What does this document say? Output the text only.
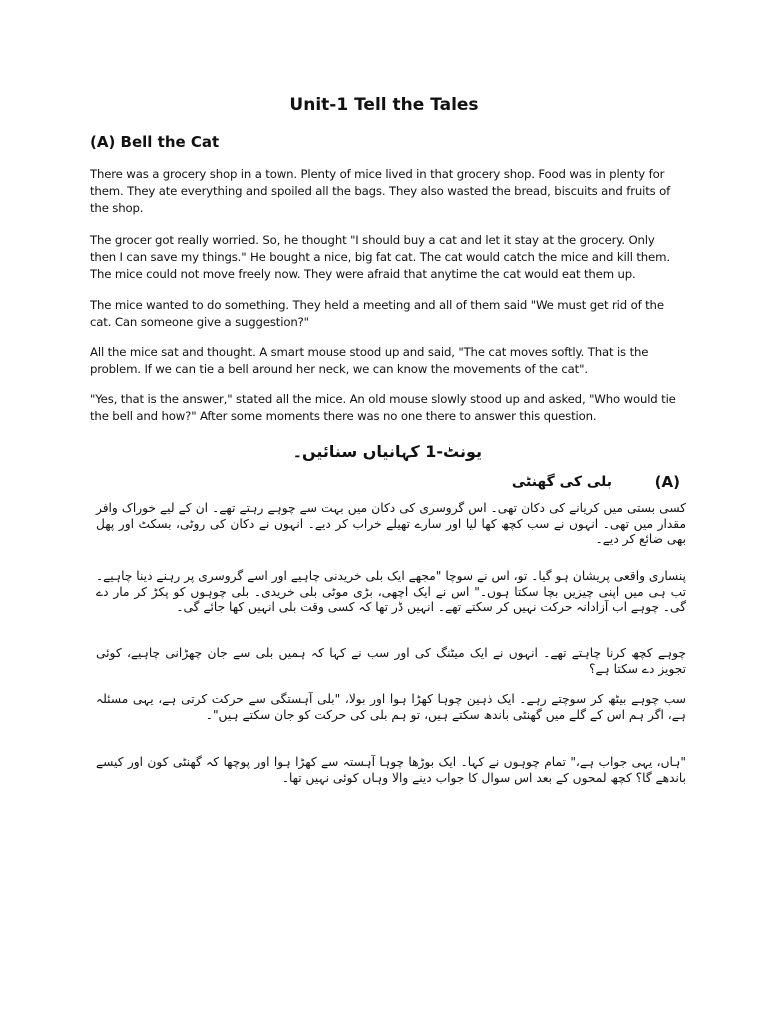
Unit-1 Tell the Tales
(A) Bell the Cat

There was a grocery shop in a town. Plenty of mice lived in that grocery shop. Food was in plenty for them. They ate everything and spoiled all the bags. They also wasted the bread, biscuits and fruits of the shop.

The grocer got really worried. So, he thought "I should buy a cat and let it stay at the grocery. Only then I can save my things." He bought a nice, big fat cat. The cat would catch the mice and kill them. The mice could not move freely now. They were afraid that anytime the cat would eat them up.

The mice wanted to do something. They held a meeting and all of them said "We must get rid of the cat. Can someone give a suggestion?"

All the mice sat and thought. A smart mouse stood up and said, "The cat moves softly. That is the problem. If we can tie a bell around her neck, we can know the movements of the cat".

"Yes, that is the answer," stated all the mice. An old mouse slowly stood up and asked, "Who would tie the bell and how?" After some moments there was no one there to answer this question.

یونٹ-1 کہانیاں سنائیں۔
(A)
بلی کی گھنٹی

کسی بستی میں کریانے کی دکان تھی۔ اس گروسری کی دکان میں بہت سے چوہے رہتے تھے۔ ان کے لیے خوراک وافر مقدار میں تھی۔ انہوں نے سب کچھ کھا لیا اور سارے تھیلے خراب کر دیے۔ انہوں نے دکان کی روٹی، بسکٹ اور پھل بھی ضائع کر دیے۔

پنساری واقعی پریشان ہو گیا۔ تو، اس نے سوچا "مجھے ایک بلی خریدنی چاہیے اور اسے گروسری پر رہنے دینا چاہیے۔ تب ہی میں اپنی چیزیں بچا سکتا ہوں۔" اس نے ایک اچھی، بڑی موٹی بلی خریدی۔ بلی چوہوں کو پکڑ کر مار دے گی۔ چوہے اب آزادانہ حرکت نہیں کر سکتے تھے۔ انہیں ڈر تھا کہ کسی وقت بلی انہیں کھا جائے گی۔

چوہے کچھ کرنا چاہتے تھے۔ انہوں نے ایک میٹنگ کی اور سب نے کہا کہ ہمیں بلی سے جان چھڑانی چاہیے، کوئی تجویز دے سکتا ہے؟

سب چوہے بیٹھ کر سوچتے رہے۔ ایک ذہین چوہا کھڑا ہوا اور بولا، "بلی آہستگی سے حرکت کرتی ہے، یہی مسئلہ ہے، اگر ہم اس کے گلے میں گھنٹی باندھ سکتے ہیں، تو ہم بلی کی حرکت کو جان سکتے ہیں"۔

"ہاں، یہی جواب ہے،" تمام چوہوں نے کہا۔ ایک بوڑھا چوہا آہستہ سے کھڑا ہوا اور پوچھا کہ گھنٹی کون اور کیسے باندھے گا؟ کچھ لمحوں کے بعد اس سوال کا جواب دینے والا وہاں کوئی نہیں تھا۔
